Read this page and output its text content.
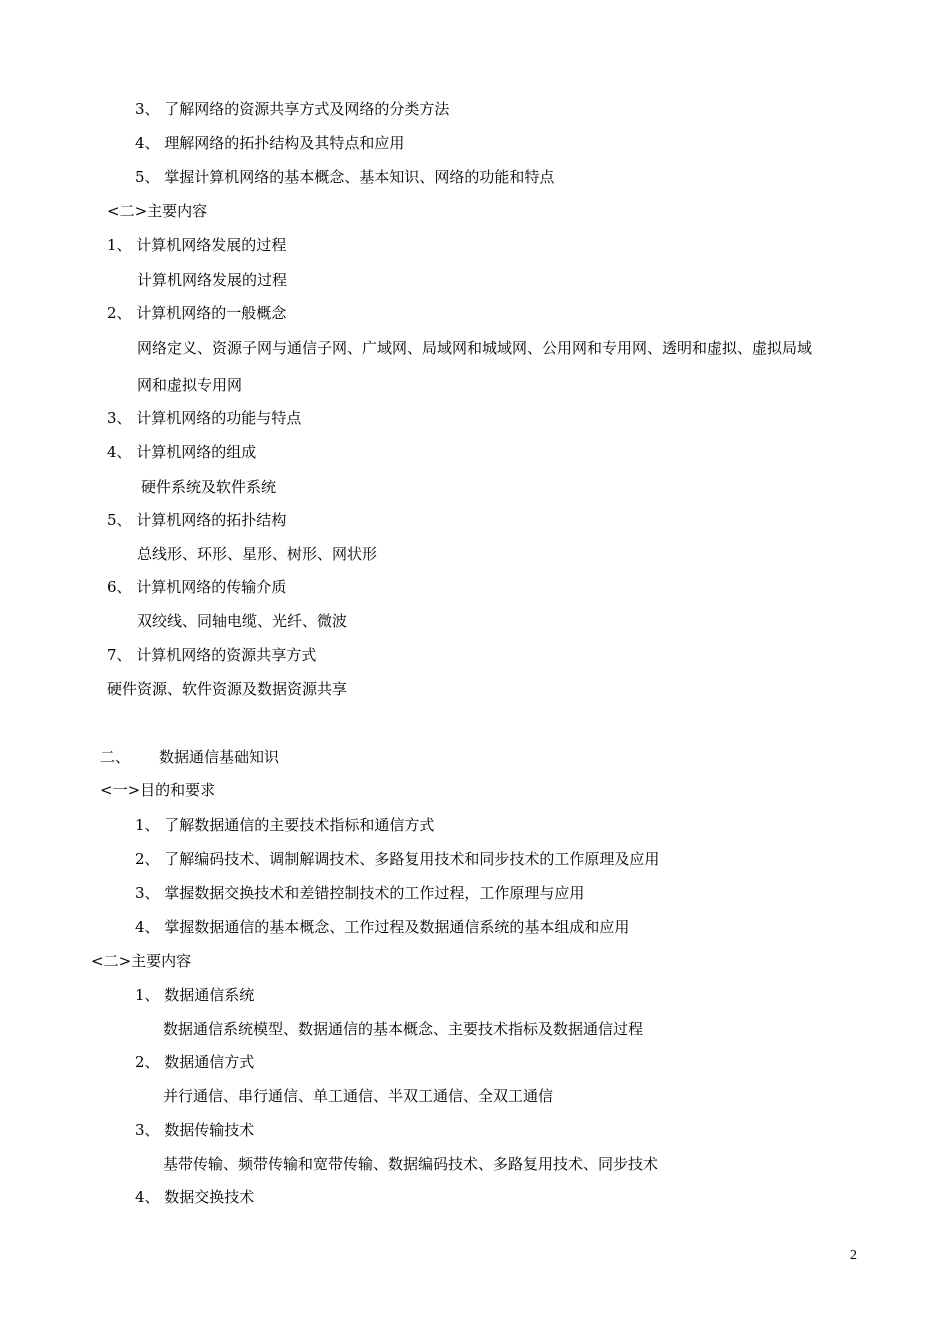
3、 了解网络的资源共享方式及网络的分类方法
4、 理解网络的拓扑结构及其特点和应用
5、 掌握计算机网络的基本概念、基本知识、网络的功能和特点
<二>主要内容
1、 计算机网络发展的过程
计算机网络发展的过程
2、 计算机网络的一般概念
网络定义、资源子网与通信子网、广域网、局域网和城域网、公用网和专用网、透明和虚拟、虚拟局域
网和虚拟专用网
3、 计算机网络的功能与特点
4、 计算机网络的组成
硬件系统及软件系统
5、 计算机网络的拓扑结构
总线形、环形、星形、树形、网状形
6、 计算机网络的传输介质
双绞线、同轴电缆、光纤、微波
7、 计算机网络的资源共享方式
硬件资源、软件资源及数据资源共享
二、 数据通信基础知识
<一>目的和要求
1、 了解数据通信的主要技术指标和通信方式
2、 了解编码技术、调制解调技术、多路复用技术和同步技术的工作原理及应用
3、 掌握数据交换技术和差错控制技术的工作过程，工作原理与应用
4、 掌握数据通信的基本概念、工作过程及数据通信系统的基本组成和应用
<二>主要内容
1、 数据通信系统
数据通信系统模型、数据通信的基本概念、主要技术指标及数据通信过程
2、 数据通信方式
并行通信、串行通信、单工通信、半双工通信、全双工通信
3、 数据传输技术
基带传输、频带传输和宽带传输、数据编码技术、多路复用技术、同步技术
4、 数据交换技术
2
